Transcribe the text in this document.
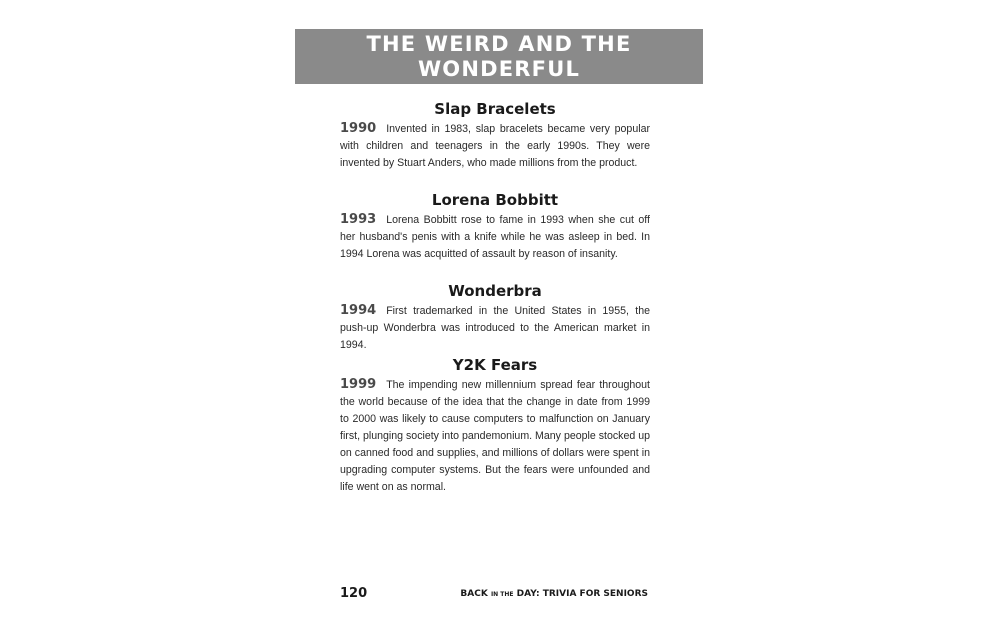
THE WEIRD AND THE
WONDERFUL
Slap Bracelets

1990 Invented in 1983, slap bracelets became very popular with children and teenagers in the early 1990s. They were invented by Stuart Anders, who made millions from the product.

Lorena Bobbitt

1993 Lorena Bobbitt rose to fame in 1993 when she cut off her husband's penis with a knife while he was asleep in bed. In 1994 Lorena was acquitted of assault by reason of insanity.

Wonderbra

1994 First trademarked in the United States in 1955, the push-up Wonderbra was introduced to the American market in 1994.

Y2K Fears

1999 The impending new millennium spread fear throughout the world because of the idea that the change in date from 1999 to 2000 was likely to cause computers to malfunction on January first, plunging society into pandemonium. Many people stocked up on canned food and supplies, and millions of dollars were spent in upgrading computer systems. But the fears were unfounded and life went on as normal.

120	BACK IN THE DAY: TRIVIA FOR SENIORS
